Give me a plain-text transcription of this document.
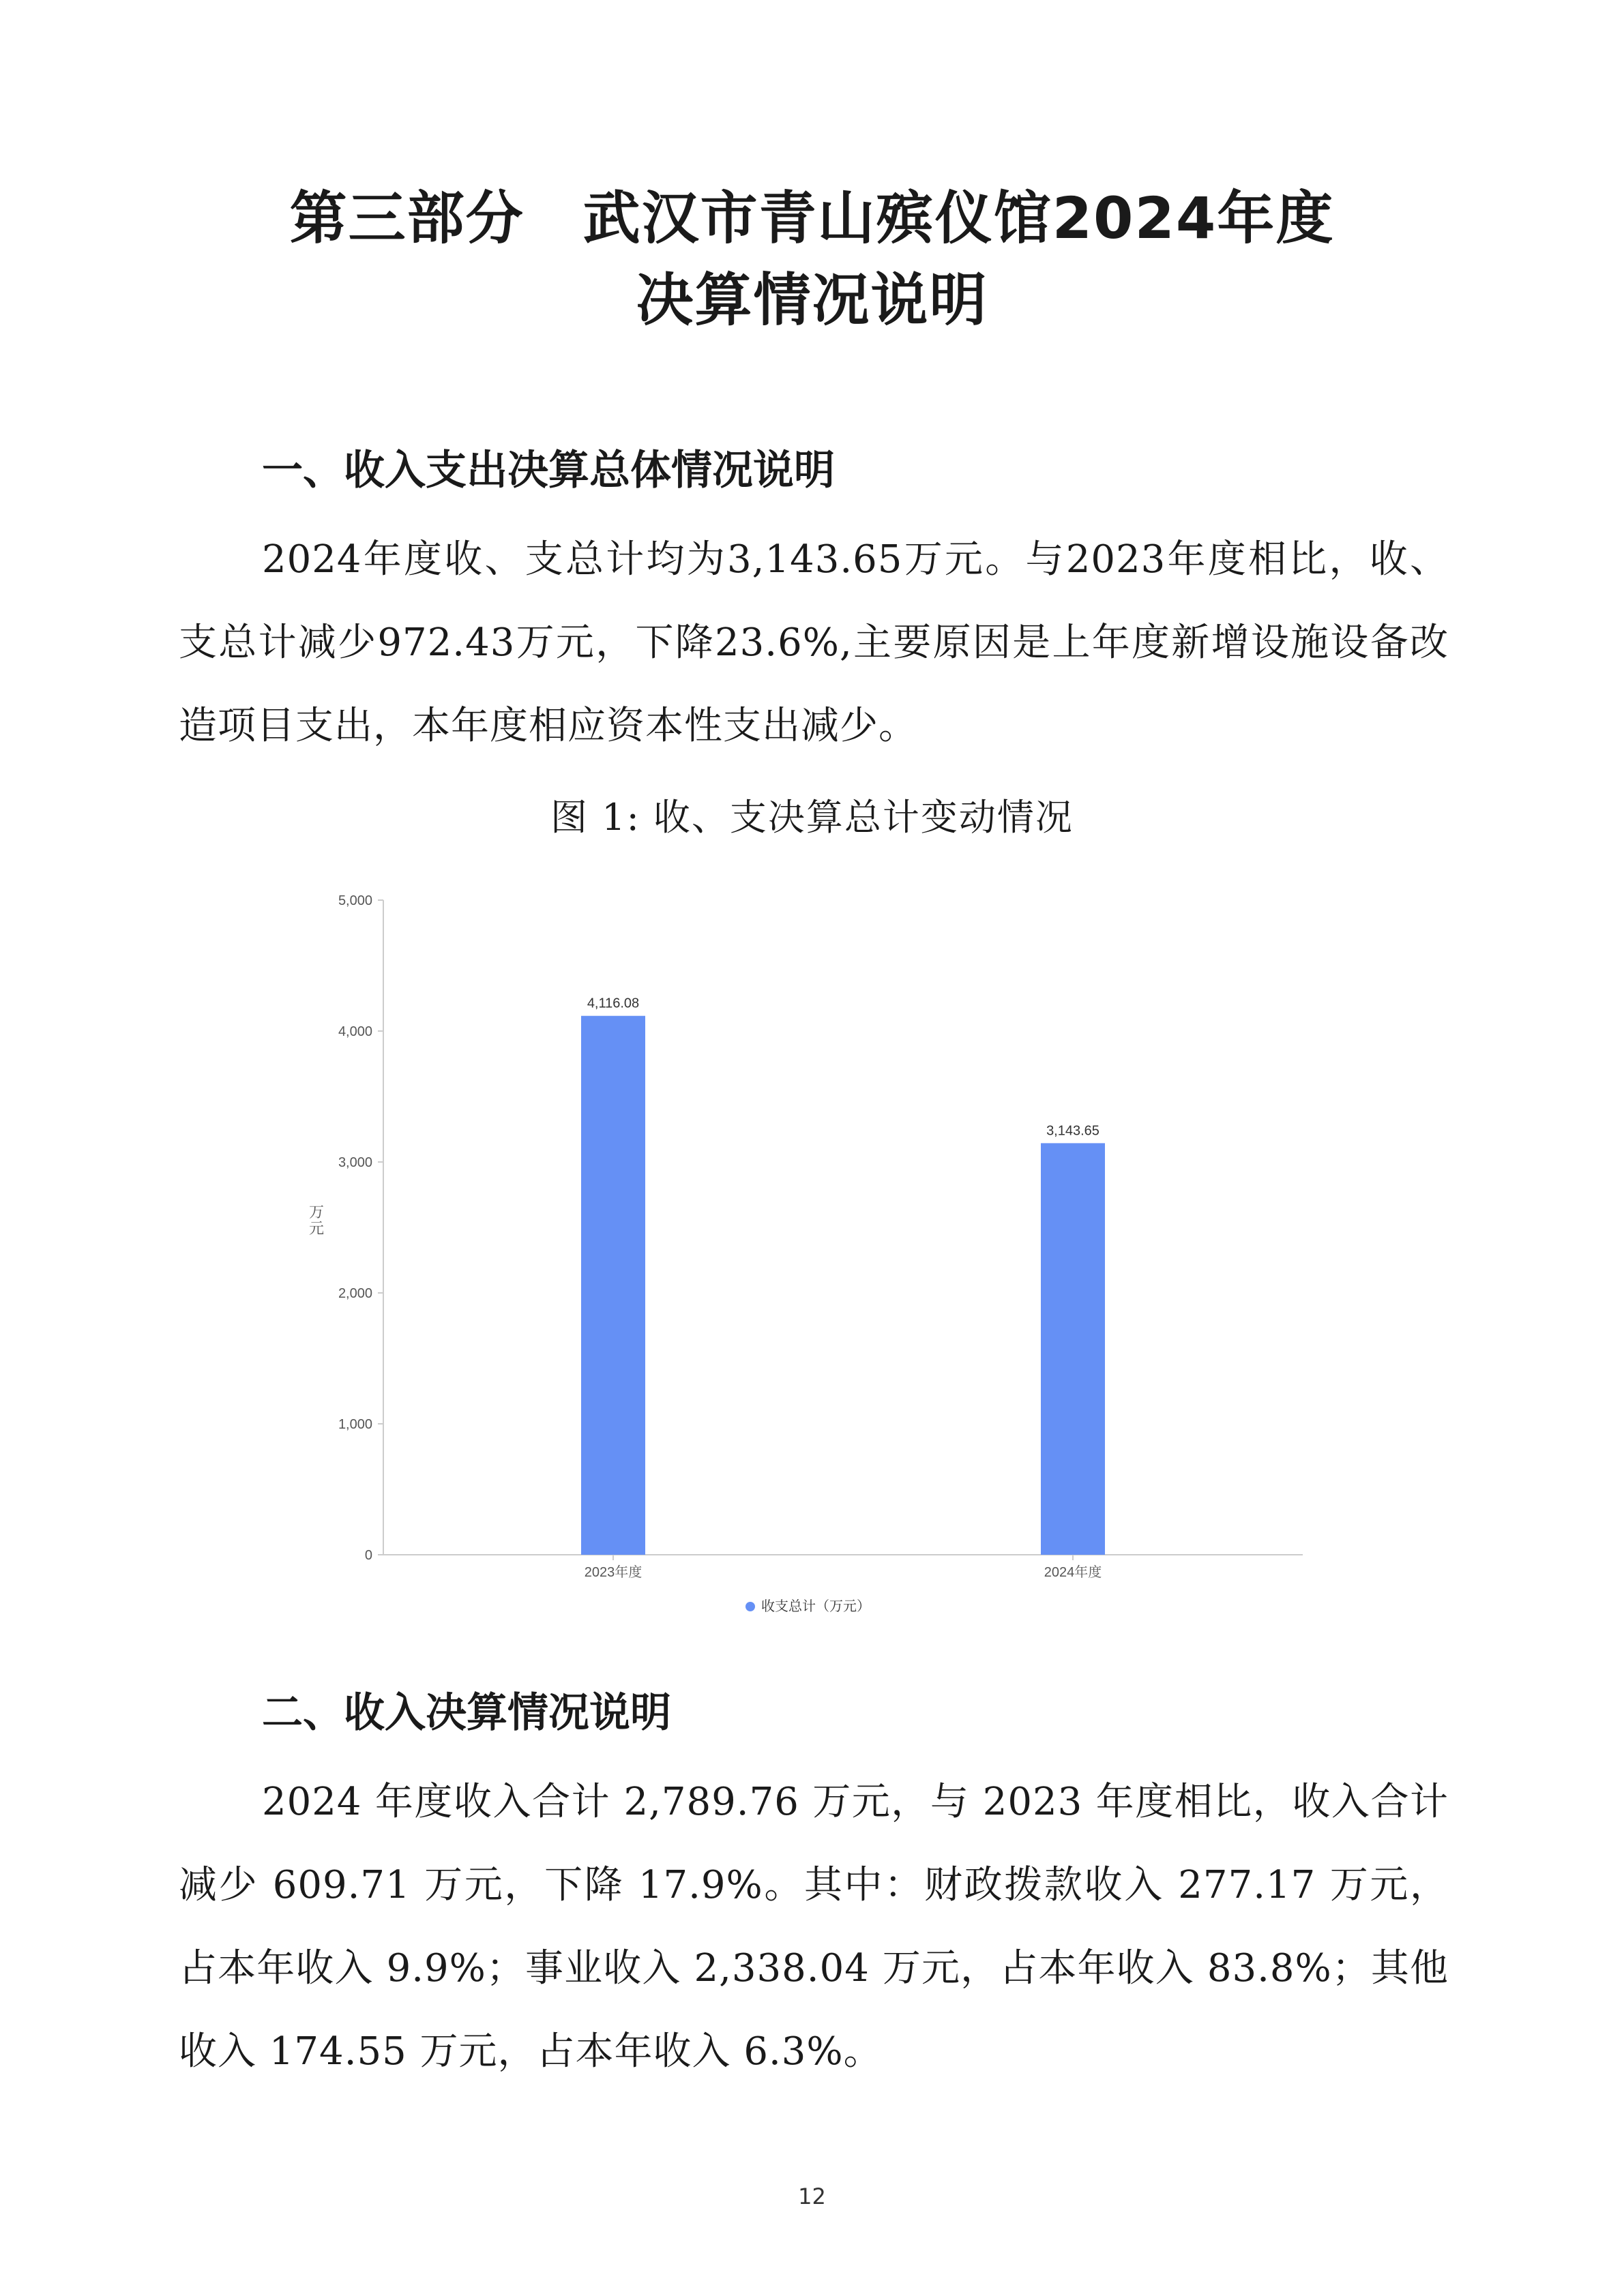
第三部分　武汉市青山殡仪馆2024年度
决算情况说明
一、收入支出决算总体情况说明
2024年度收、支总计均为3,143.65万元。与2023年度相比，收、支总计减少972.43万元，下降23.6%,主要原因是上年度新增设施设备改造项目支出，本年度相应资本性支出减少。
图 1: 收、支决算总计变动情况
0
1,000
2,000
3,000
4,000
5,000
万
元
4,116.08
2023年度
3,143.65
2024年度
收支总计（万元）
二、收入决算情况说明
2024 年度收入合计 2,789.76 万元，与 2023 年度相比，收入合计减少 609.71 万元，下降 17.9%。其中：财政拨款收入 277.17 万元，占本年收入 9.9%；事业收入 2,338.04 万元，占本年收入 83.8%；其他收入 174.55 万元，占本年收入 6.3%。
12
